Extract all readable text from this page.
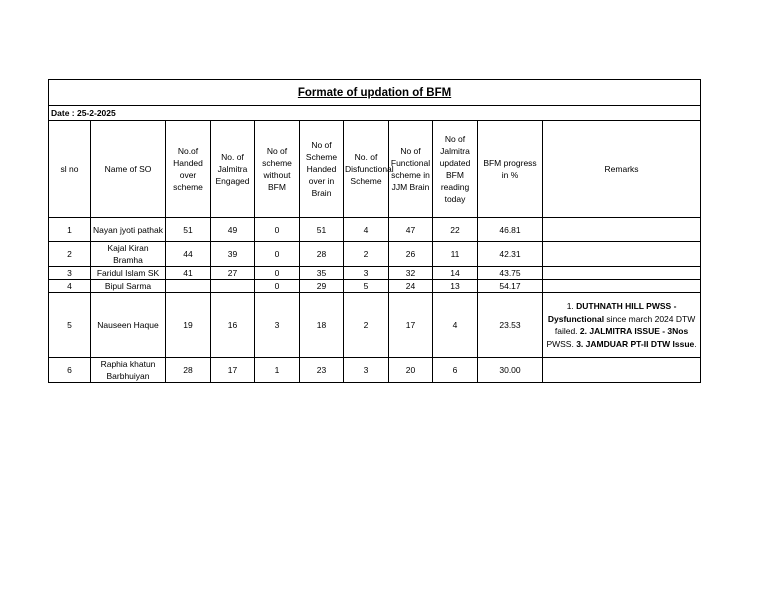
Formate of updation of BFM										
Date : 25-2-2025										
sl no	Name of SO	No.of Handed over scheme	No. of Jalmitra Engaged	No of scheme without BFM	No of Scheme Handed over in Brain	No. of Disfunctional Scheme	No of Functional scheme in JJM Brain	No of Jalmitra updated BFM reading today	BFM progress in %	Remarks
1	Nayan jyoti pathak	51	49	0	51	4	47	22	46.81	
2	Kajal Kiran Bramha	44	39	0	28	2	26	11	42.31	
3	Faridul Islam SK	41	27	0	35	3	32	14	43.75	
4	Bipul Sarma			0	29	5	24	13	54.17	
5	Nauseen Haque	19	16	3	18	2	17	4	23.53	1. DUTHNATH HILL PWSS - Dysfunctional since march 2024 DTW failed. 2. JALMITRA ISSUE - 3Nos PWSS. 3. JAMDUAR PT-II DTW Issue.
6	Raphia khatun Barbhuiyan	28	17	1	23	3	20	6	30.00	
